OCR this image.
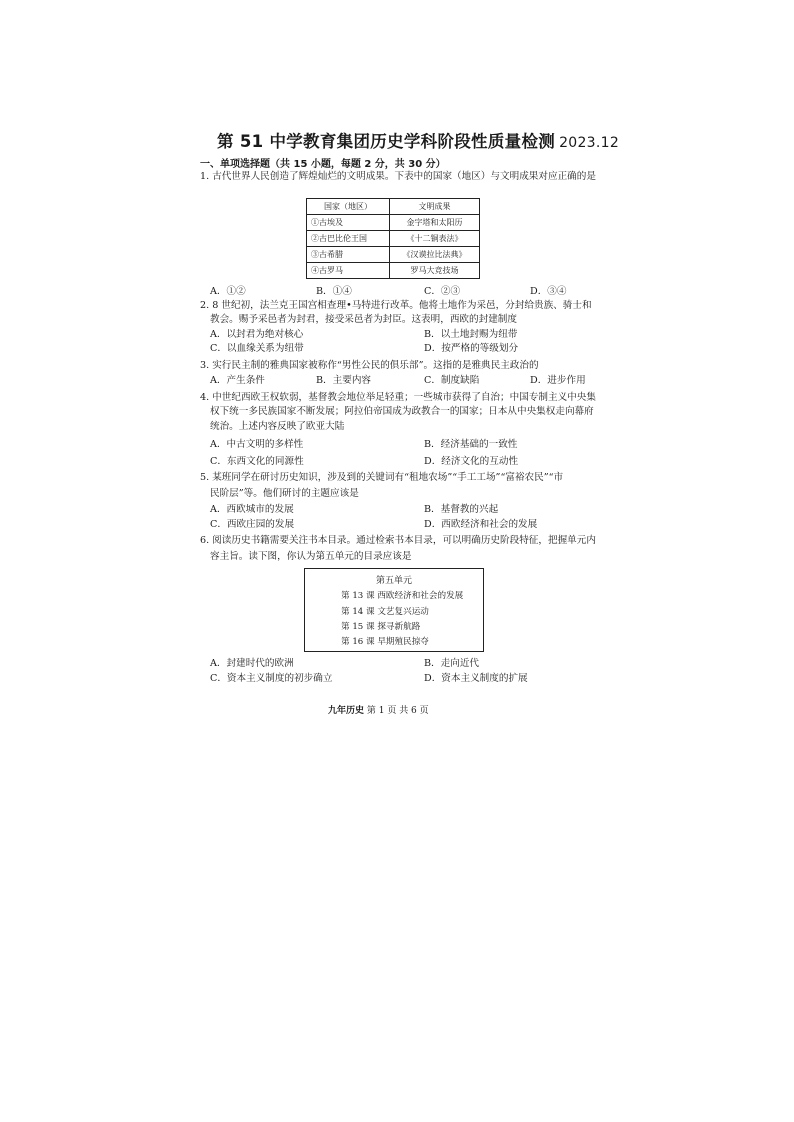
第 51 中学教育集团历史学科阶段性质量检测 2023.12
一、单项选择题（共 15 小题，每题 2 分，共 30 分）
1. 古代世界人民创造了辉煌灿烂的文明成果。下表中的国家（地区）与文明成果对应正确的是
国家（地区）	文明成果
①古埃及	金字塔和太阳历
②古巴比伦王国	《十二铜表法》
③古希腊	《汉谟拉比法典》
④古罗马	罗马大竞技场
A．①②	B．①④	C．②③	D．③④
2. 8 世纪初，法兰克王国宫相查理•马特进行改革。他将土地作为采邑，分封给贵族、骑士和
教会。赐予采邑者为封君，接受采邑者为封臣。这表明，西欧的封建制度
A．以封君为绝对核心	B．以土地封赐为纽带
C．以血缘关系为纽带	D．按严格的等级划分
3. 实行民主制的雅典国家被称作“男性公民的俱乐部”。这指的是雅典民主政治的
A．产生条件	B．主要内容	C．制度缺陷	D．进步作用
4. 中世纪西欧王权软弱，基督教会地位举足轻重；一些城市获得了自治；中国专制主义中央集
权下统一多民族国家不断发展；阿拉伯帝国成为政教合一的国家；日本从中央集权走向幕府
统治。上述内容反映了欧亚大陆
A．中古文明的多样性	B．经济基础的一致性
C．东西文化的同源性	D．经济文化的互动性
5. 某班同学在研讨历史知识，涉及到的关键词有“租地农场”“手工工场”“富裕农民”“市
民阶层”等。他们研讨的主题应该是
A．西欧城市的发展	B．基督教的兴起
C．西欧庄园的发展	D．西欧经济和社会的发展
6. 阅读历史书籍需要关注书本目录。通过检索书本目录，可以明确历史阶段特征，把握单元内
容主旨。读下图，你认为第五单元的目录应该是
第五单元
第 13 课 西欧经济和社会的发展
第 14 课 文艺复兴运动
第 15 课 探寻新航路
第 16 课 早期殖民掠夺
A．封建时代的欧洲	B．走向近代
C．资本主义制度的初步确立	D．资本主义制度的扩展
九年历史 第 1 页 共 6 页
